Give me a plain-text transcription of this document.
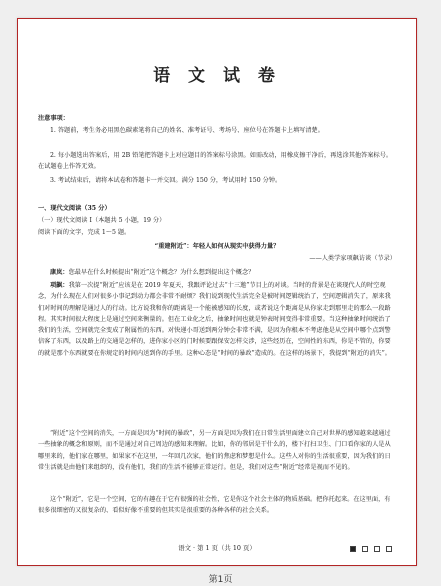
语 文 试 卷
注意事项：
1. 答题前，考生务必用黑色碳素笔将自己的姓名、准考证号、考场号、座位号在答题卡上填写清楚。
2. 每小题选出答案后，用 2B 铅笔把答题卡上对应题目的答案标号涂黑。如需改动，用橡皮擦干净后，再选涂其他答案标号。在试题卷上作答无效。
3. 考试结束后，请将本试卷和答题卡一并交回。满分 150 分，考试用时 150 分钟。
一、现代文阅读（35 分）
（一）现代文阅读 I（本题共 5 小题，19 分）
阅读下面的文字，完成 1～5 题。
“重建附近”：年轻人如何从现实中获得力量？
——人类学家项飙访谈（节录）
康岚：您最早在什么时候提出“附近”这个概念？为什么想到提出这个概念？
项飙：我第一次提“附近”应该是在 2019 年夏天，我跟评论过去“十三邀”节目上的对谈。当时的背景是在谈现代人的时空观念，为什么现在人们对很多小事记到动力都会非常不耐烦？我们说到现代生活完全是被时间逻辑统治了，空间逻辑消失了，原来我们对时间的理解是通过人的行动。比方说我和你的距离是一个能被感知的长度，或者说这个距离是从你家走到那里走的那么一段路程。其实时间很大程度上是通过空间来衡量的。但在工业化之后，抽象时间也就是钟表时间变得非常重要。当这种抽象时间统治了我们的生活，空间就完全变成了附属性的东西。对快递小哥送到两分钟会非常不满，是因为你根本不考虑他是从空间中哪个点到警信客了东西，以及路上的交通是怎样的，进你家小区的门时候要跟保安怎样交涉，这些经历在，空间性的东西，你是不管的，你要的就是那个东西就要在你规定的时间内送到你的手里。这种心态是“时间的暴政”造成的。在这样的场景下，我提到“附近的消失”。
“附近”这个空间的消失，一方面是因为“时间的暴政”，另一方面是因为我们在日常生活里面建立自己对世界的感知越来越通过一些抽象的概念和原则，而不是通过对自己周边的感知来理解。比如，你的邻居是干什么的，楼下打扫卫生、门口看你家的人是从哪里来的，他们家在哪里，如果家不在这里，一年回几次家，他们的焦虑和梦想是什么。这些人对你的生活很重要，因为我们的日常生活就是由他们来组织的，没有他们，我们的生活不能够正常运行。但是，我们对这些“附近”经常是视而不见的。
这个“附近”，它是一个空间，它的有趣在于它有很强的社会性，它是你这个社会主体的物质基础。把你托起来。在这里面，有很多很细密的又很复杂的、看似好像不重要的但其实是很重要的各种各样的社会关系。
语文 · 第 1 页（共 10 页）
第1页
